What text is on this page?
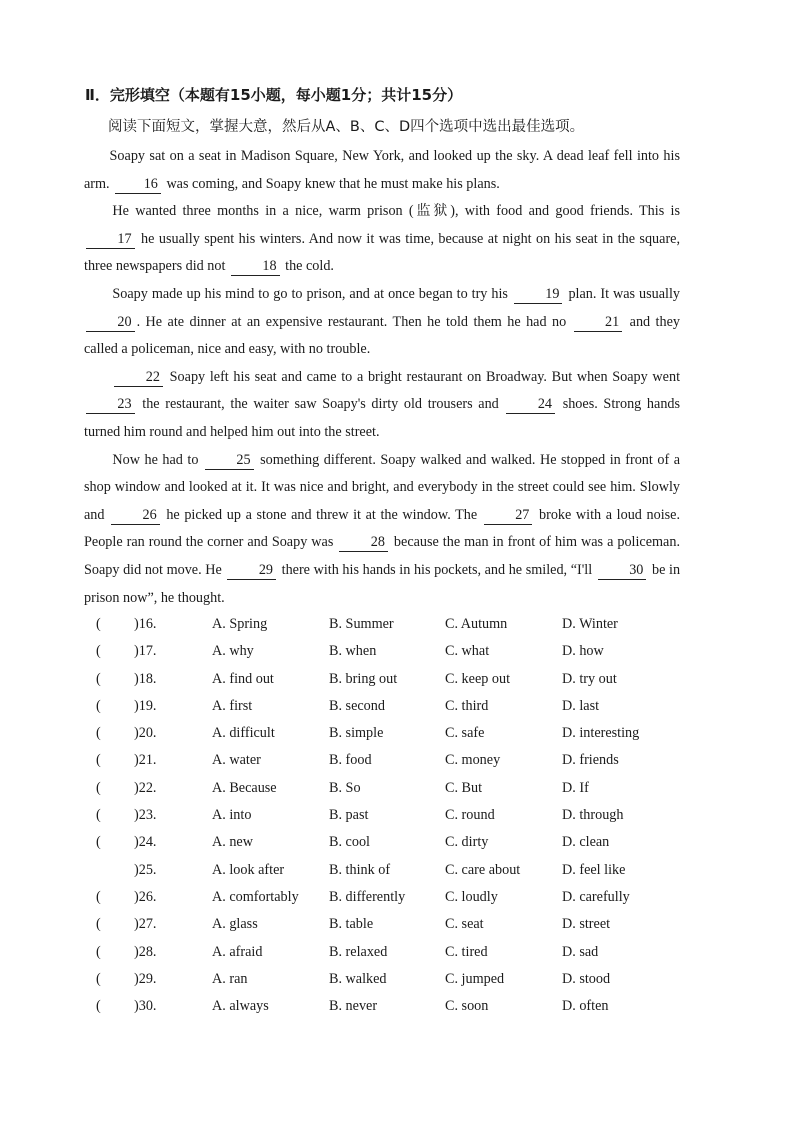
Ⅱ．完形填空（本题有15小题，每小题1分；共计15分）
阅读下面短文，掌握大意，然后从A、B、C、D四个选项中选出最佳选项。

Soapy sat on a seat in Madison Square, New York, and looked up the sky. A dead leaf fell into his arm. 16 was coming, and Soapy knew that he must make his plans.

He wanted three months in a nice, warm prison (监狱), with food and good friends. This is 17 he usually spent his winters. And now it was time, because at night on his seat in the square, three newspapers did not	18 the cold.

Soapy made up his mind to go to prison, and at once began to try his	19 plan. It was usually 20 . He ate dinner at an expensive restaurant. Then he told them he had no	21 and they called a policeman, nice and easy, with no trouble.

22 Soapy left his seat and came to a bright restaurant on Broadway. But when Soapy went 23 the restaurant, the waiter saw Soapy's dirty old trousers and	24 shoes. Strong hands turned him round and helped him out into the street.

Now he had to	25 something different. Soapy walked and walked. He stopped in front of a shop window and looked at it. It was nice and bright, and everybody in the street could see him. Slowly and	26 he picked up a stone and threw it at the window. The	27 broke with a loud noise. People ran round the corner and Soapy was	28 because the man in front of him was a policeman. Soapy did not move. He	29 there with his hands in his pockets, and he smiled, “I'll	30 be in prison now”, he thought.

( )16.	A. Spring	B. Summer	C. Autumn	D. Winter
( )17.	A. why	B. when	C. what	D. how
( )18.	A. find out	B. bring out	C. keep out	D. try out
( )19.	A. first	B. second	C. third	D. last
( )20.	A. difficult	B. simple	C. safe	D. interesting
( )21.	A. water	B. food	C. money	D. friends
( )22.	A. Because	B. So	C. But	D. If
( )23.	A. into	B. past	C. round	D. through
( )24.	A. new	B. cool	C. dirty	D. clean
)25.	A. look after	B. think of	C. care about	D. feel like
( )26.	A. comfortably B. differently	C. loudly	D. carefully
( )27.	A. glass	B. table	C. seat	D. street
( )28.	A. afraid	B. relaxed	C. tired	D. sad
( )29.	A. ran	B. walked	C. jumped	D. stood
( )30.	A. always	B. never	C. soon	D. often
